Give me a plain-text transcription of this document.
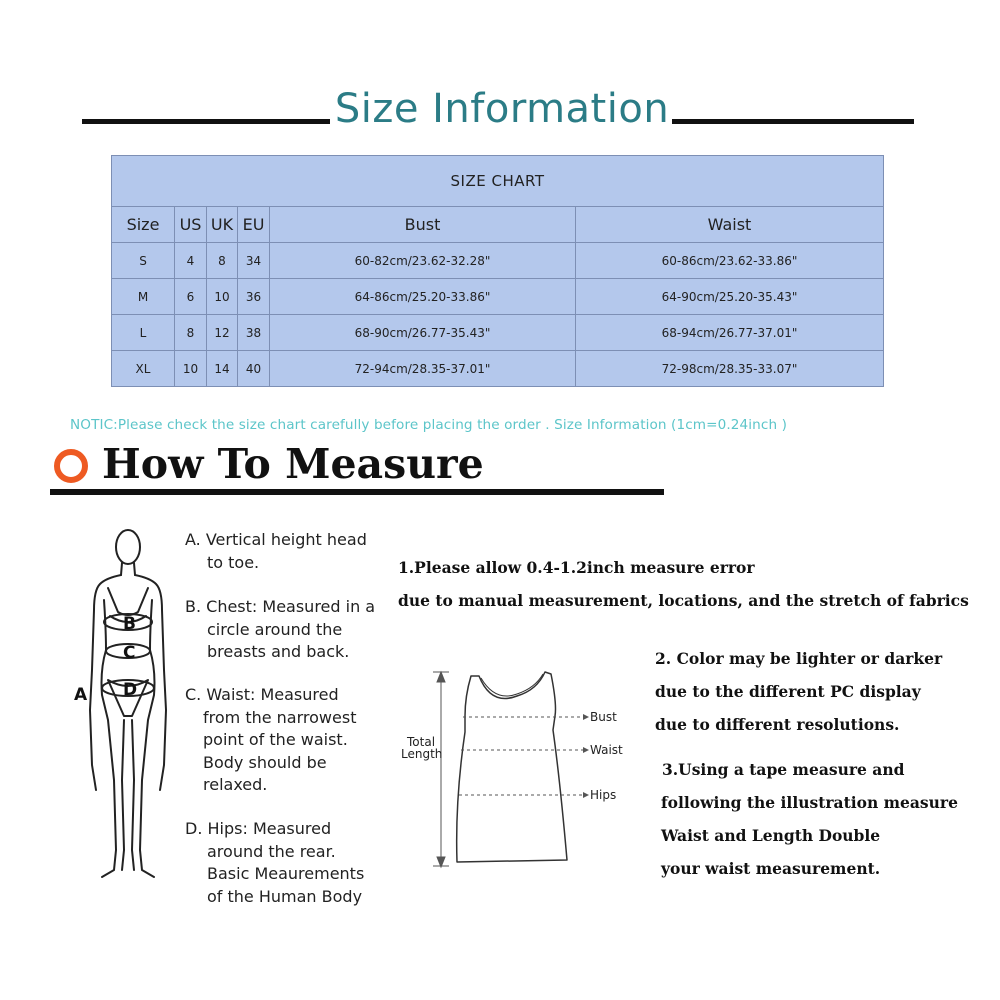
Size Information
SIZE CHART					
Size	US	UK	EU	Bust	Waist
S	4	8	34	60-82cm/23.62-32.28"	60-86cm/23.62-33.86"
M	6	10	36	64-86cm/25.20-33.86"	64-90cm/25.20-35.43"
L	8	12	38	68-90cm/26.77-35.43"	68-94cm/26.77-37.01"
XL	10	14	40	72-94cm/28.35-37.01"	72-98cm/28.35-33.07"
NOTIC:Please check the size chart carefully before placing the order . Size Information (1cm=0.24inch )
How To Measure
B
C
D
A
A. Vertical height head
to toe.
B. Chest: Measured in a
circle around the
breasts and back.
C. Waist: Measured
from the narrowest
point of the waist.
Body should be
relaxed.
D. Hips: Measured
around the rear.
Basic Meaurements
of the Human Body
1.Please allow 0.4-1.2inch measure error
due to manual measurement, locations, and the stretch of fabrics
Total
Length
Bust
Waist
Hips
2. Color may be lighter or darker
due to the different PC display
due to different resolutions.
3.Using a tape measure and
following the illustration measure
Waist and Length Double
your waist measurement.
